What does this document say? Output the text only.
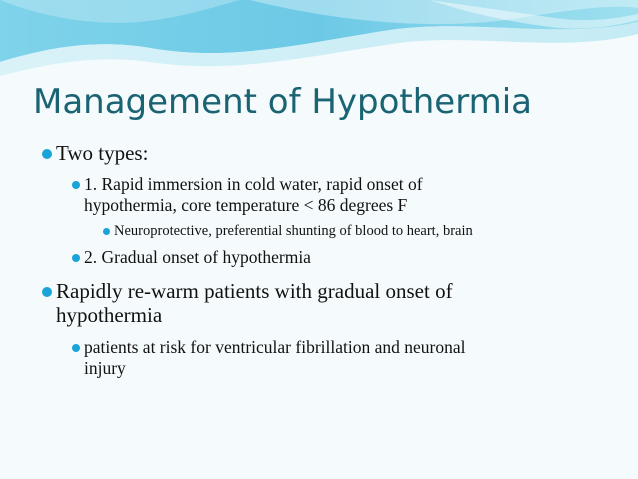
Management of Hypothermia
Two types:
1. Rapid immersion in cold water, rapid onset of
hypothermia, core temperature < 86 degrees F
Neuroprotective, preferential shunting of blood to heart, brain
2. Gradual onset of hypothermia
Rapidly re-warm patients with gradual onset of
hypothermia
patients at risk for ventricular fibrillation and neuronal
injury
